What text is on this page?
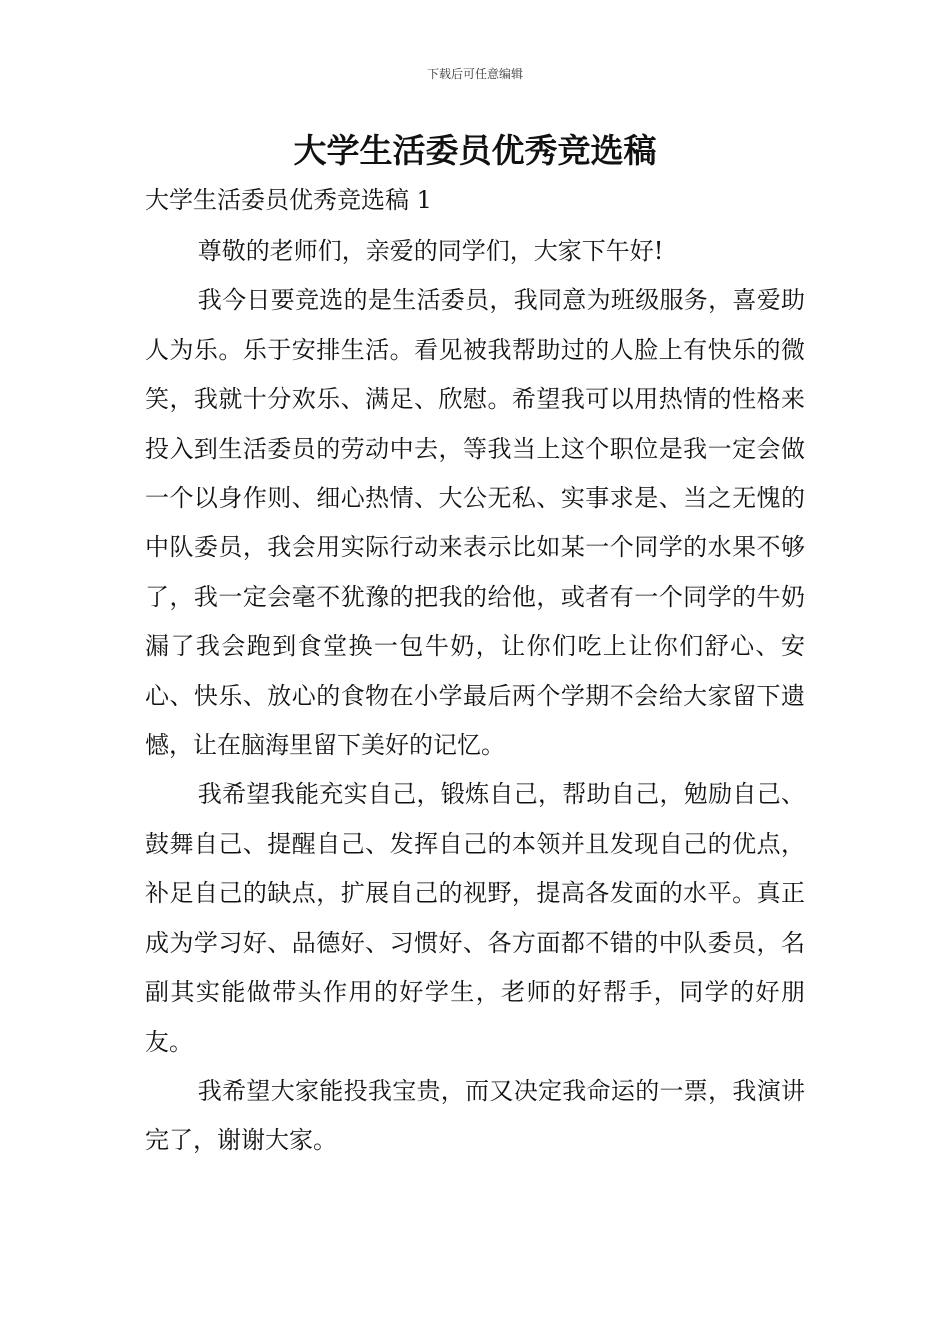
下载后可任意编辑
大学生活委员优秀竞选稿
大学生活委员优秀竞选稿 1

尊敬的老师们，亲爱的同学们，大家下午好!

我今日要竞选的是生活委员，我同意为班级服务，喜爱助人为乐。乐于安排生活。看见被我帮助过的人脸上有快乐的微笑，我就十分欢乐、满足、欣慰。希望我可以用热情的性格来投入到生活委员的劳动中去，等我当上这个职位是我一定会做一个以身作则、细心热情、大公无私、实事求是、当之无愧的中队委员，我会用实际行动来表示比如某一个同学的水果不够了，我一定会毫不犹豫的把我的给他，或者有一个同学的牛奶漏了我会跑到食堂换一包牛奶，让你们吃上让你们舒心、安心、快乐、放心的食物在小学最后两个学期不会给大家留下遗憾，让在脑海里留下美好的记忆。

我希望我能充实自己，锻炼自己，帮助自己，勉励自己、鼓舞自己、提醒自己、发挥自己的本领并且发现自己的优点，补足自己的缺点，扩展自己的视野，提高各发面的水平。真正成为学习好、品德好、习惯好、各方面都不错的中队委员，名副其实能做带头作用的好学生，老师的好帮手，同学的好朋友。

我希望大家能投我宝贵，而又决定我命运的一票，我演讲完了，谢谢大家。
